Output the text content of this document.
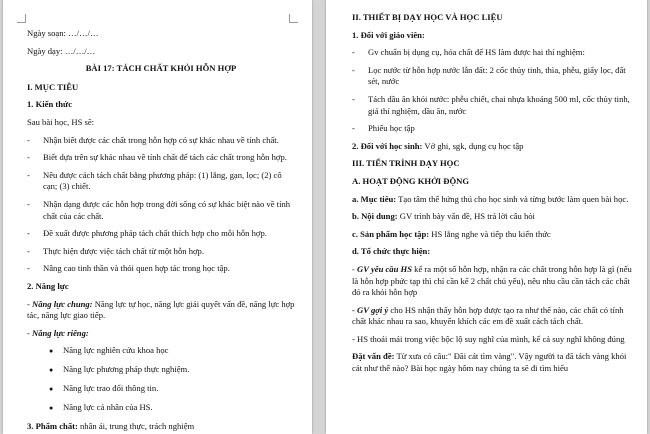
Ngày soạn: …/…/…
Ngày dạy: …/…/…
BÀI 17: TÁCH CHẤT KHỎI HỖN HỢP
I. MỤC TIÊU
1. Kiến thức
Sau bài học, HS sẽ:
-	Nhận biết được các chất trong hỗn hợp có sự khác nhau về tính chất.
-	Biết dựa trên sự khác nhau về tính chất để tách các chất trong hỗn hợp.
-	Nêu được cách tách chất bằng phương pháp: (1) lắng, gạn, lọc; (2) cô cạn; (3) chiết.
-	Nhận dạng được các hỗn hợp trong đời sống có sự khác biệt nào về tính chất của các chất.
-	Đề xuất được phương pháp tách chất thích hợp cho mỗi hỗn hợp.
-	Thực hiện được việc tách chất từ một hỗn hợp.
-	Nâng cao tinh thần và thói quen hợp tác trong học tập.
2. Năng lực
- Năng lực chung: Năng lực tự học, năng lực giải quyết vấn đề, năng lực hợp tác, năng lực giao tiếp.
- Năng lực riêng:
●	Năng lực nghiên cứu khoa học
●	Năng lực phương pháp thực nghiệm.
●	Năng lực trao đổi thông tin.
●	Năng lực cá nhân của HS.
3. Phẩm chất: nhân ái, trung thực, trách nghiệm
II. THIẾT BỊ DẠY HỌC VÀ HỌC LIỆU
1. Đối với giáo viên:
-	Gv chuẩn bị dụng cụ, hóa chất để HS làm được hai thí nghiệm:
-	Lọc nước từ hỗn hợp nước lẫn đất: 2 cốc thủy tinh, thìa, phễu, giấy lọc, đất sét, nước
-	Tách dầu ăn khỏi nước: phễu chiết, chai nhựa khoảng 500 ml, cốc thủy tinh, giá thí nghiệm, dầu ăn, nước
-	Phiếu học tập
2. Đối với học sinh: Vở ghi, sgk, dụng cụ học tập
III. TIẾN TRÌNH DẠY HỌC
A. HOẠT ĐỘNG KHỞI ĐỘNG
a. Mục tiêu: Tạo tâm thế hứng thú cho học sinh và từng bước làm quen bài học.
b. Nội dung: GV trình bày vấn đề, HS trả lời câu hỏi
c. Sản phẩm học tập: HS lắng nghe và tiếp thu kiến thức
d. Tổ chức thực hiện:
- GV yêu cầu HS kể ra một số hỗn hợp, nhận ra các chất trong hỗn hợp là gì (nếu là hỗn hợp phức tạp thì chỉ cần kể 2 chất chủ yếu), nêu nhu cầu cần tách các chất đó ra khỏi hỗn hợp
- GV gợi ý cho HS nhận thấy hỗn hợp được tạo ra như thế nào, các chất có tính chất khác nhau ra sao, khuyến khích các em đề xuất cách tách chất.
- HS thoải mái trong việc bộc lộ suy nghĩ của mình, kể cả suy nghĩ không đúng
Đặt vấn đề: Từ xưa có câu:" Đãi cát tìm vàng". Vậy người ta đã tách vàng khỏi cát như thế nào? Bài học ngày hôm nay chúng ta sẽ đi tìm hiểu
